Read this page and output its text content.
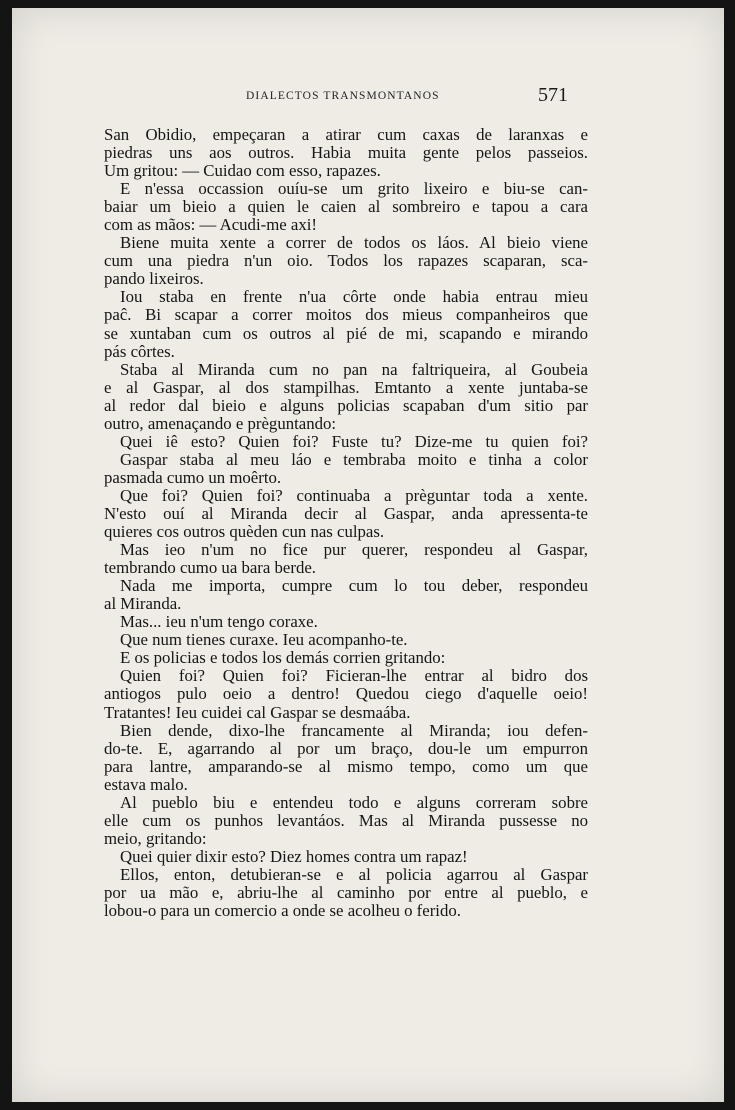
DIALECTOS TRANSMONTANOS	571
San Obidio, empeçaran a atirar cum caxas de laranxas e
piedras uns aos outros. Habia muita gente pelos passeios.
Um gritou: — Cuidao com esso, rapazes.
E n'essa occassion ouíu-se um grito lixeiro e biu-se can-
baiar um bieio a quien le caien al sombreiro e tapou a cara
com as mãos: — Acudi-me axi!
Biene muita xente a correr de todos os láos. Al bieio viene
cum una piedra n'un oio. Todos los rapazes scaparan, sca-
pando lixeiros.
Iou staba en frente n'ua côrte onde habia entrau mieu
paĉ. Bi scapar a correr moitos dos mieus companheiros que
se xuntaban cum os outros al pié de mi, scapando e mirando
pás côrtes.
Staba al Miranda cum no pan na faltriqueira, al Goubeia
e al Gaspar, al dos stampilhas. Emtanto a xente juntaba-se
al redor dal bieio e alguns policias scapaban d'um sitio par
outro, amenaçando e prèguntando:
Quei iê esto? Quien foi? Fuste tu? Dize-me tu quien foi?
Gaspar staba al meu láo e tembraba moito e tinha a color
pasmada cumo un moêrto.
Que foi? Quien foi? continuaba a prèguntar toda a xente.
N'esto ouí al Miranda decir al Gaspar, anda apressenta-te
quieres cos outros quèden cun nas culpas.
Mas ieo n'um no fice pur querer, respondeu al Gaspar,
tembrando cumo ua bara berde.
Nada me importa, cumpre cum lo tou deber, respondeu
al Miranda.
Mas... ieu n'um tengo coraxe.
Que num tienes curaxe. Ieu acompanho-te.
E os policias e todos los demás corrien gritando:
Quien foi? Quien foi? Ficieran-lhe entrar al bidro dos
antiogos pulo oeio a dentro! Quedou ciego d'aquelle oeio!
Tratantes! Ieu cuidei cal Gaspar se desmaába.
Bien dende, dixo-lhe francamente al Miranda; iou defen-
do-te. E, agarrando al por um braço, dou-le um empurron
para lantre, amparando-se al mismo tempo, como um que
estava malo.
Al pueblo biu e entendeu todo e alguns correram sobre
elle cum os punhos levantáos. Mas al Miranda pussesse no
meio, gritando:
Quei quier dixir esto? Diez homes contra um rapaz!
Ellos, enton, detubieran-se e al policia agarrou al Gaspar
por ua mão e, abriu-lhe al caminho por entre al pueblo, e
lobou-o para un comercio a onde se acolheu o ferido.
